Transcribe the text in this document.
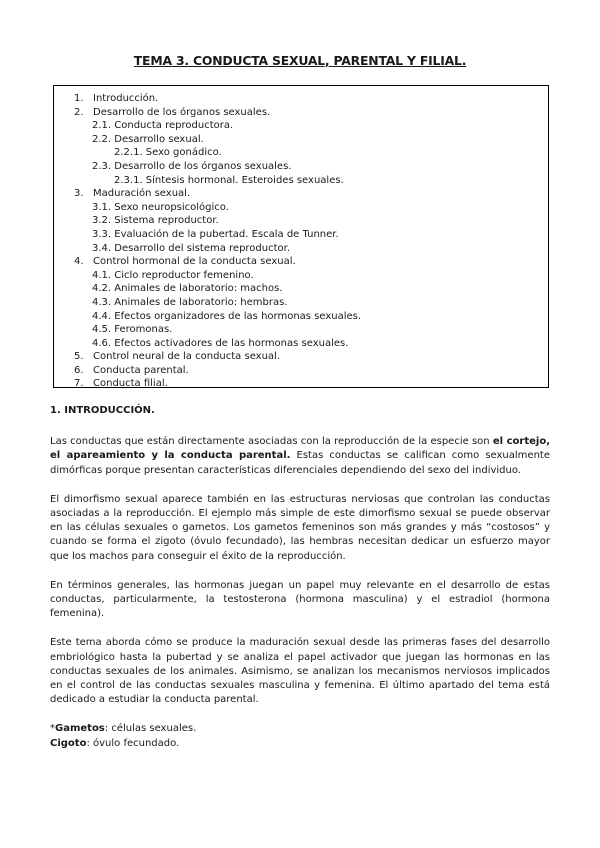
TEMA 3. CONDUCTA SEXUAL, PARENTAL Y FILIAL.
1. Introducción.
2. Desarrollo de los órganos sexuales.
2.1. Conducta reproductora.
2.2. Desarrollo sexual.
2.2.1. Sexo gonádico.
2.3. Desarrollo de los órganos sexuales.
2.3.1. Síntesis hormonal. Esteroides sexuales.
3. Maduración sexual.
3.1. Sexo neuropsicológico.
3.2. Sistema reproductor.
3.3. Evaluación de la pubertad. Escala de Tunner.
3.4. Desarrollo del sistema reproductor.
4. Control hormonal de la conducta sexual.
4.1. Ciclo reproductor femenino.
4.2. Animales de laboratorio: machos.
4.3. Animales de laboratorio: hembras.
4.4. Efectos organizadores de las hormonas sexuales.
4.5. Feromonas.
4.6. Efectos activadores de las hormonas sexuales.
5. Control neural de la conducta sexual.
6. Conducta parental.
7. Conducta filial.
1. INTRODUCCIÓN.

Las conductas que están directamente asociadas con la reproducción de la especie son el cortejo, el apareamiento y la conducta parental. Estas conductas se califican como sexualmente dimórficas porque presentan características diferenciales dependiendo del sexo del individuo.

El dimorfismo sexual aparece también en las estructuras nerviosas que controlan las conductas asociadas a la reproducción. El ejemplo más simple de este dimorfismo sexual se puede observar en las células sexuales o gametos. Los gametos femeninos son más grandes y más “costosos” y cuando se forma el zigoto (óvulo fecundado), las hembras necesitan dedicar un esfuerzo mayor que los machos para conseguir el éxito de la reproducción.

En términos generales, las hormonas juegan un papel muy relevante en el desarrollo de estas conductas, particularmente, la testosterona (hormona masculina) y el estradiol (hormona femenina).

Este tema aborda cómo se produce la maduración sexual desde las primeras fases del desarrollo embriológico hasta la pubertad y se analiza el papel activador que juegan las hormonas en las conductas sexuales de los animales. Asimismo, se analizan los mecanismos nerviosos implicados en el control de las conductas sexuales masculina y femenina. El último apartado del tema está dedicado a estudiar la conducta parental.

*Gametos: células sexuales.

Cigoto: óvulo fecundado.
